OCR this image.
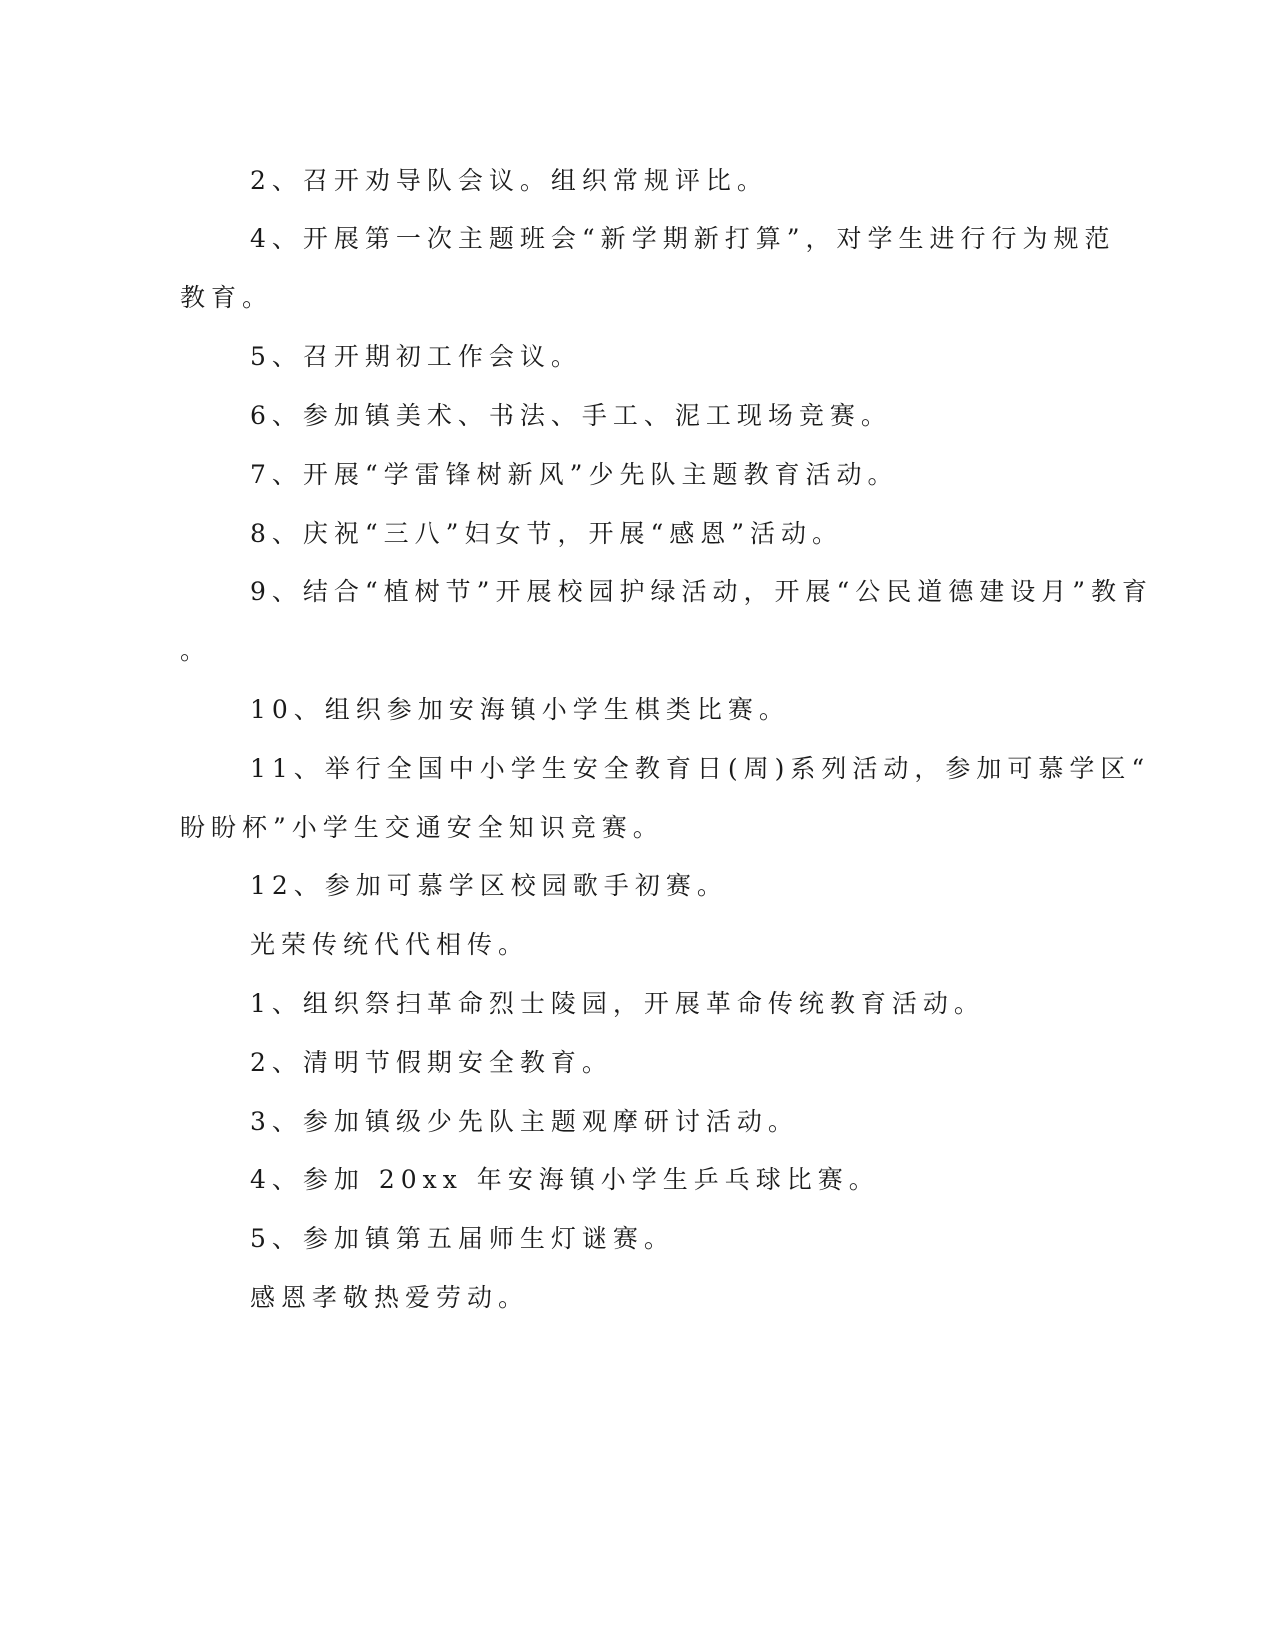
2、召开劝导队会议。组织常规评比。
4、开展第一次主题班会“新学期新打算”，对学生进行行为规范
教育。
5、召开期初工作会议。
6、参加镇美术、书法、手工、泥工现场竞赛。
7、开展“学雷锋树新风”少先队主题教育活动。
8、庆祝“三八”妇女节，开展“感恩”活动。
9、结合“植树节”开展校园护绿活动，开展“公民道德建设月”教育
。
10、组织参加安海镇小学生棋类比赛。
11、举行全国中小学生安全教育日(周)系列活动，参加可慕学区“
盼盼杯”小学生交通安全知识竞赛。
12、参加可慕学区校园歌手初赛。
光荣传统代代相传。
1、组织祭扫革命烈士陵园，开展革命传统教育活动。
2、清明节假期安全教育。
3、参加镇级少先队主题观摩研讨活动。
4、参加 20xx 年安海镇小学生乒乓球比赛。
5、参加镇第五届师生灯谜赛。
感恩孝敬热爱劳动。
